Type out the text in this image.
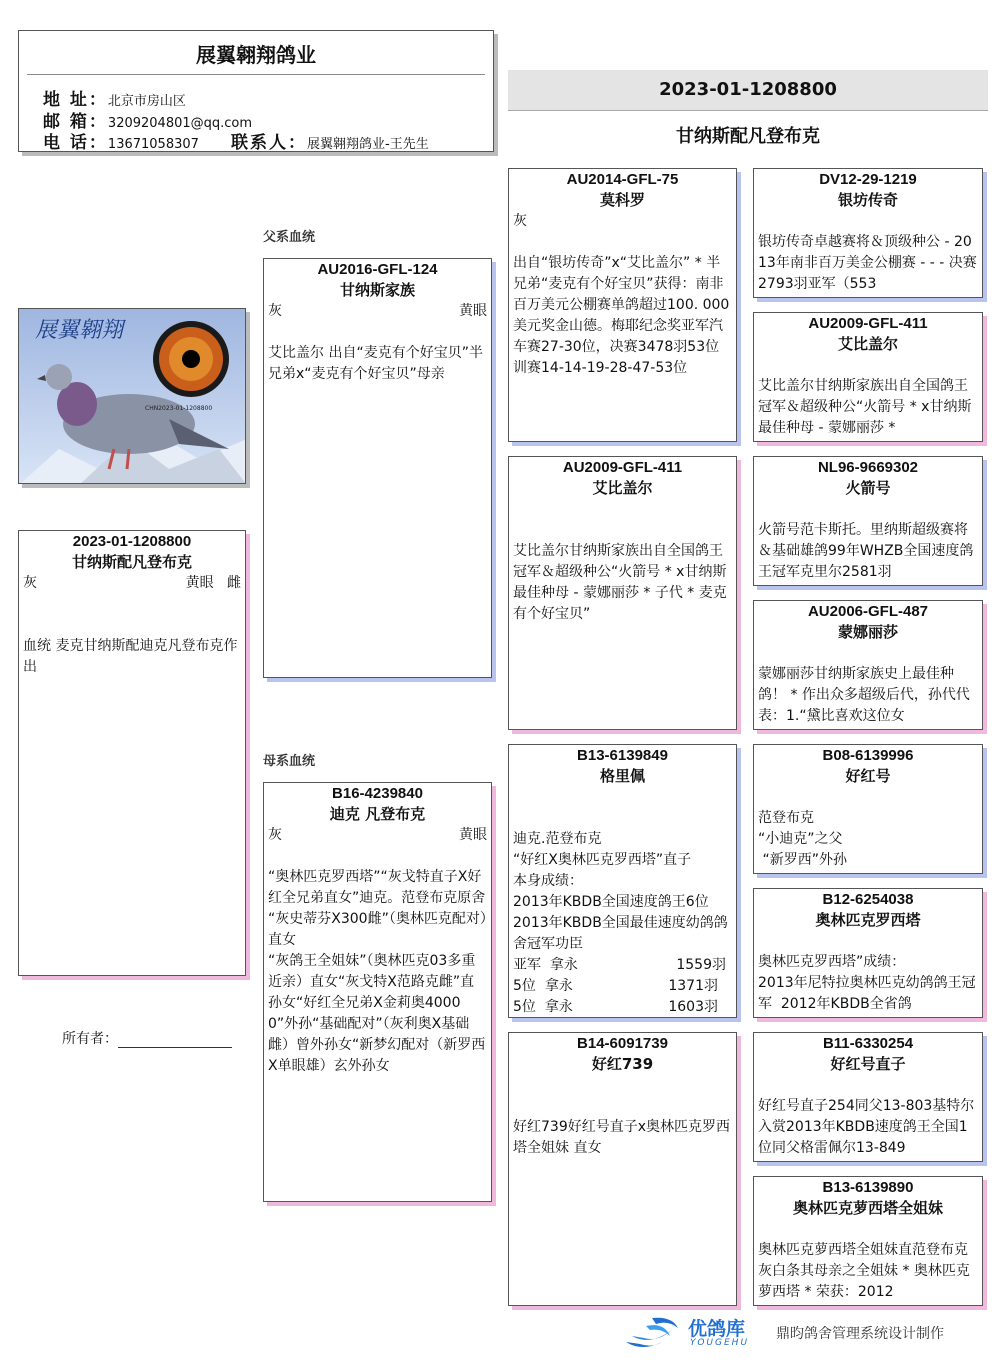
展翼翱翔鸽业
地 址：北京市房山区
邮 箱：3209204801@qq.com
电 话：13671058307 联系人：展翼翱翔鸽业-王先生
2023-01-1208800
甘纳斯配凡登布克
展翼翱翔
CHN2023-01-1208800
2023-01-1208800
甘纳斯配凡登布克
灰	黄眼 雌
血统 麦克甘纳斯配迪克凡登布克作出
所有者：
父系血统
母系血统
AU2016-GFL-124
甘纳斯家族
灰	黄眼
艾比盖尔 出自“麦克有个好宝贝”半兄弟x“麦克有个好宝贝”母亲
B16-4239840
迪克 凡登布克
灰	黄眼
“奥林匹克罗西塔”“灰戈特直子X好红全兄弟直女”迪克。范登布克原舍
“灰史蒂芬X300雌”（奥林匹克配对）直女
“灰鸽王全姐妹”（奥林匹克03多重近亲）直女“灰戈特X范路克雌”直孙女“好红全兄弟X金莉奥40000”外孙“基础配对”（灰利奥X基础雌）曾外孙女“新梦幻配对（新罗西X单眼雄）玄外孙女
AU2014-GFL-75
莫科罗
灰
出自“银坊传奇”x“艾比盖尔” * 半兄弟“麦克有个好宝贝”获得：南非百万美元公棚赛单鸽超过100. 000美元奖金山德。梅耶纪念奖亚军汽车赛27-30位，决赛3478羽53位训赛14-14-19-28-47-53位
AU2009-GFL-411
艾比盖尔
艾比盖尔甘纳斯家族出自全国鸽王冠军＆超级种公“火箭号 * x甘纳斯最佳种母 - 蒙娜丽莎 * 子代 * 麦克有个好宝贝”
B13-6139849
格里佩
迪克.范登布克
“好红X奥林匹克罗西塔”直子
本身成绩：
2013年KBDB全国速度鸽王6位
2013年KBDB全国最佳速度幼鸽鸽舍冠军功臣
亚军 拿永	1559羽
5位 拿永	1371羽
5位 拿永	1603羽
B14-6091739
好红739
好红739好红号直子x奥林匹克罗西塔全姐妹 直女
DV12-29-1219
银坊传奇
银坊传奇卓越赛将＆顶级种公 - 2013年南非百万美金公棚赛 - - - 决赛2793羽亚军（553
AU2009-GFL-411
艾比盖尔
艾比盖尔甘纳斯家族出自全国鸽王冠军＆超级种公“火箭号 * x甘纳斯最佳种母 - 蒙娜丽莎 *
NL96-9669302
火箭号
火箭号范卡斯托。里纳斯超级赛将＆基础雄鸽99年WHZB全国速度鸽王冠军克里尔2581羽
AU2006-GFL-487
蒙娜丽莎
蒙娜丽莎甘纳斯家族史上最佳种鸽！ * 作出众多超级后代，孙代代表：1.“黛比喜欢这位女
B08-6139996
好红号
范登布克
“小迪克”之父
“新罗西”外孙
B12-6254038
奥林匹克罗西塔
奥林匹克罗西塔”成绩：
2013年尼特拉奥林匹克幼鸽鸽王冠军  2012年KBDB全省鸽
B11-6330254
好红号直子
好红号直子254同父13-803基特尔入赏2013年KBDB速度鸽王全国1位同父格雷佩尔13-849
B13-6139890
奥林匹克萝西塔全姐妹
奥林匹克萝西塔全姐妹直范登布克灰白条其母亲之全姐妹 * 奥林匹克萝西塔 * 荣获：2012
优鸽库
YOUGEHU
鼎昀鸽舍管理系统设计制作
